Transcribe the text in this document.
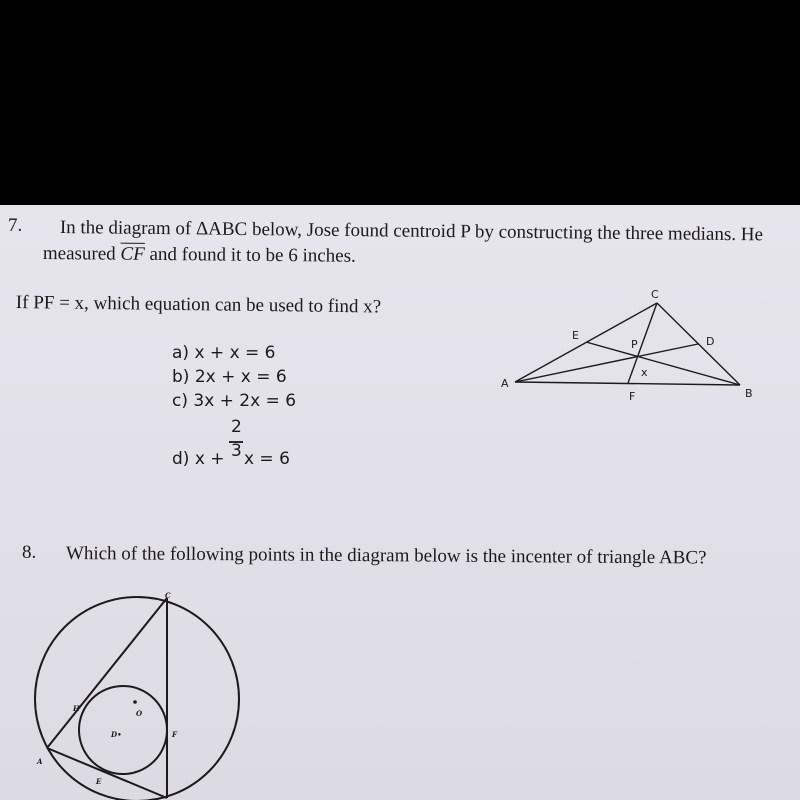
7. In the diagram of ΔABC below, Jose found centroid P by constructing the three medians. He
measured $\overline{CF}$ and found it to be 6 inches.
If PF = x, which equation can be used to find x?
a) x + x = 6
b) 2x + x = 6
c) 3x + 2x = 6
2
3
d) x + x = 6
C
E
P	D
x
A
B
F
8. Which of the following points in the diagram below is the incenter of triangle ABC?
C
H
O
D•	F
A
E
